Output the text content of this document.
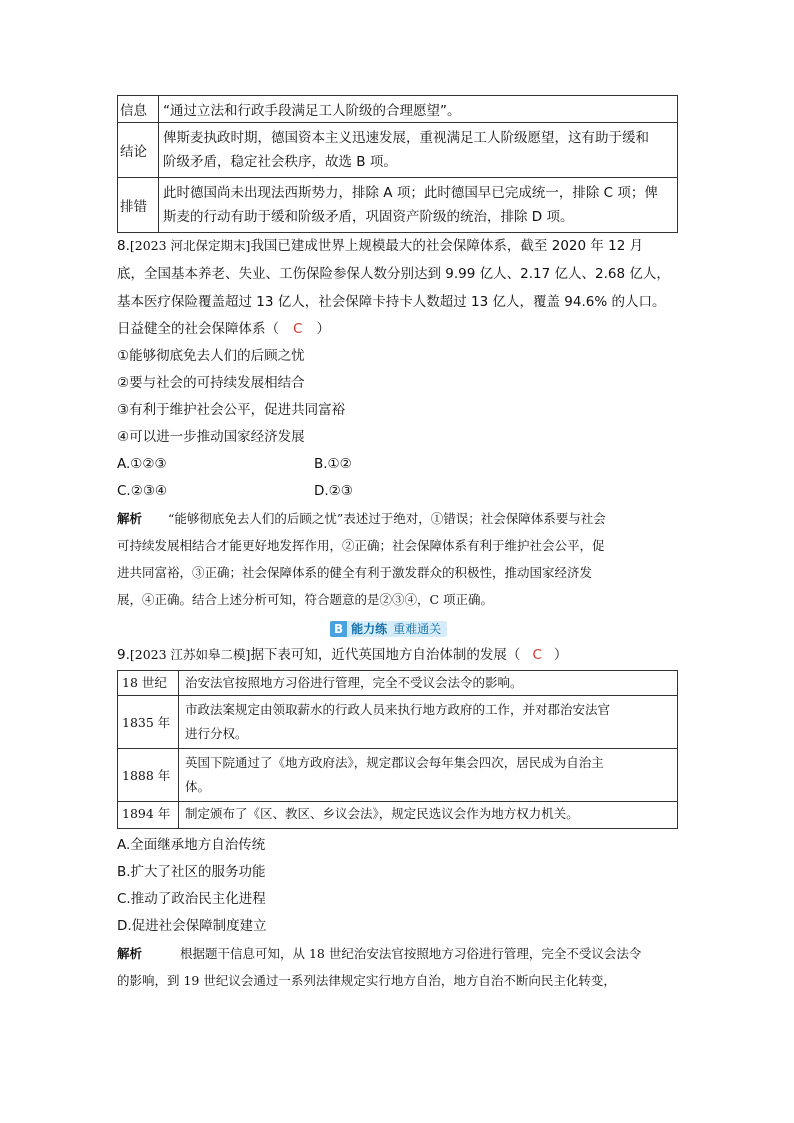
信息	“通过立法和行政手段满足工人阶级的合理愿望”。

结论	俾斯麦执政时期，德国资本主义迅速发展，重视满足工人阶级愿望，这有助于缓和
阶级矛盾，稳定社会秩序，故选 B 项。

排错	此时德国尚未出现法西斯势力，排除 A 项；此时德国早已完成统一，排除 C 项；俾
斯麦的行动有助于缓和阶级矛盾，巩固资产阶级的统治，排除 D 项。
8.[2023 河北保定期末]我国已建成世界上规模最大的社会保障体系，截至 2020 年 12 月
底，全国基本养老、失业、工伤保险参保人数分别达到 9.99 亿人、2.17 亿人、2.68 亿人，
基本医疗保险覆盖超过 13 亿人，社会保障卡持卡人数超过 13 亿人，覆盖 94.6% 的人口。
日益健全的社会保障体系（ C ）
①能够彻底免去人们的后顾之忧
②要与社会的可持续发展相结合
③有利于维护社会公平，促进共同富裕
④可以进一步推动国家经济发展
A.①②③	B.①②
C.②③④	D.②③
解析 “能够彻底免去人们的后顾之忧”表述过于绝对，①错误；社会保障体系要与社会
可持续发展相结合才能更好地发挥作用，②正确；社会保障体系有利于维护社会公平，促
进共同富裕，③正确；社会保障体系的健全有利于激发群众的积极性，推动国家经济发
展，④正确。结合上述分析可知，符合题意的是②③④，C 项正确。
B 能力练 重难通关
9.[2023 江苏如皋二模]据下表可知，近代英国地方自治体制的发展（ C ）
18 世纪	治安法官按照地方习俗进行管理，完全不受议会法令的影响。

1835 年	市政法案规定由领取薪水的行政人员来执行地方政府的工作，并对郡治安法官
进行分权。

1888 年	英国下院通过了《地方政府法》，规定郡议会每年集会四次，居民成为自治主
体。

1894 年	制定颁布了《区、教区、乡议会法》，规定民选议会作为地方权力机关。
A.全面继承地方自治传统
B.扩大了社区的服务功能
C.推动了政治民主化进程
D.促进社会保障制度建立
解析	根据题干信息可知，从 18 世纪治安法官按照地方习俗进行管理，完全不受议会法令
的影响，到 19 世纪议会通过一系列法律规定实行地方自治，地方自治不断向民主化转变，
